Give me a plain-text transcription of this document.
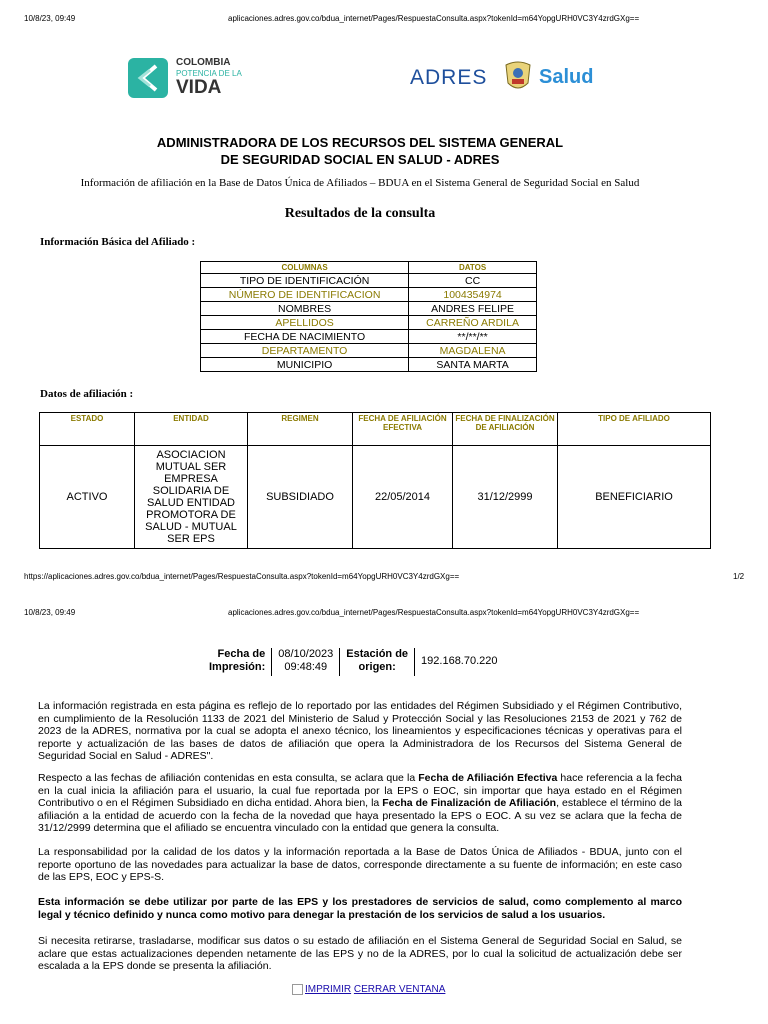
10/8/23, 09:49	aplicaciones.adres.gov.co/bdua_internet/Pages/RespuestaConsulta.aspx?tokenId=m64YopgURH0VC3Y4zrdGXg==
COLOMBIA
POTENCIA DE LA
VIDA	ADRES	Salud
ADMINISTRADORA DE LOS RECURSOS DEL SISTEMA GENERAL
DE SEGURIDAD SOCIAL EN SALUD - ADRES
Información de afiliación en la Base de Datos Única de Afiliados – BDUA en el Sistema General de Seguridad Social en Salud
Resultados de la consulta
Información Básica del Afiliado :
COLUMNAS	DATOS
TIPO DE IDENTIFICACIÓN	CC
NÚMERO DE IDENTIFICACION	1004354974
NOMBRES	ANDRES FELIPE
APELLIDOS	CARREÑO ARDILA
FECHA DE NACIMIENTO	**/**/**
DEPARTAMENTO	MAGDALENA
MUNICIPIO	SANTA MARTA
Datos de afiliación :
ESTADO	ENTIDAD	REGIMEN	FECHA DE AFILIACIÓN EFECTIVA	FECHA DE FINALIZACIÓN DE AFILIACIÓN	TIPO DE AFILIADO
ACTIVO	ASOCIACION MUTUAL SER EMPRESA SOLIDARIA DE SALUD ENTIDAD PROMOTORA DE SALUD - MUTUAL SER EPS	SUBSIDIADO	22/05/2014	31/12/2999	BENEFICIARIO
https://aplicaciones.adres.gov.co/bdua_internet/Pages/RespuestaConsulta.aspx?tokenId=m64YopgURH0VC3Y4zrdGXg==	1/2
10/8/23, 09:49	aplicaciones.adres.gov.co/bdua_internet/Pages/RespuestaConsulta.aspx?tokenId=m64YopgURH0VC3Y4zrdGXg==
Fecha de
Impresión:
08/10/2023
09:48:49
Estación de
origen:	192.168.70.220
La información registrada en esta página es reflejo de lo reportado por las entidades del Régimen Subsidiado y el Régimen Contributivo, en cumplimiento de la Resolución 1133 de 2021 del Ministerio de Salud y Protección Social y las Resoluciones 2153 de 2021 y 762 de 2023 de la ADRES, normativa por la cual se adopta el anexo técnico, los lineamientos y especificaciones técnicas y operativas para el reporte y actualización de las bases de datos de afiliación que opera la Administradora de los Recursos del Sistema General de Seguridad Social en Salud - ADRES".
Respecto a las fechas de afiliación contenidas en esta consulta, se aclara que la Fecha de Afiliación Efectiva hace referencia a la fecha en la cual inicia la afiliación para el usuario, la cual fue reportada por la EPS o EOC, sin importar que haya estado en el Régimen Contributivo o en el Régimen Subsidiado en dicha entidad. Ahora bien, la Fecha de Finalización de Afiliación, establece el término de la afiliación a la entidad de acuerdo con la fecha de la novedad que haya presentado la EPS o EOC. A su vez se aclara que la fecha de 31/12/2999 determina que el afiliado se encuentra vinculado con la entidad que genera la consulta.
La responsabilidad por la calidad de los datos y la información reportada a la Base de Datos Única de Afiliados - BDUA, junto con el reporte oportuno de las novedades para actualizar la base de datos, corresponde directamente a su fuente de información; en este caso de las EPS, EOC y EPS-S.
Esta información se debe utilizar por parte de las EPS y los prestadores de servicios de salud, como complemento al marco legal y técnico definido y nunca como motivo para denegar la prestación de los servicios de salud a los usuarios.
Si necesita retirarse, trasladarse, modificar sus datos o su estado de afiliación en el Sistema General de Seguridad Social en Salud, se aclare que estas actualizaciones dependen netamente de las EPS y no de la ADRES, por lo cual la solicitud de actualización debe ser escalada a la EPS donde se presenta la afiliación.
IMPRIMIR CERRAR VENTANA
